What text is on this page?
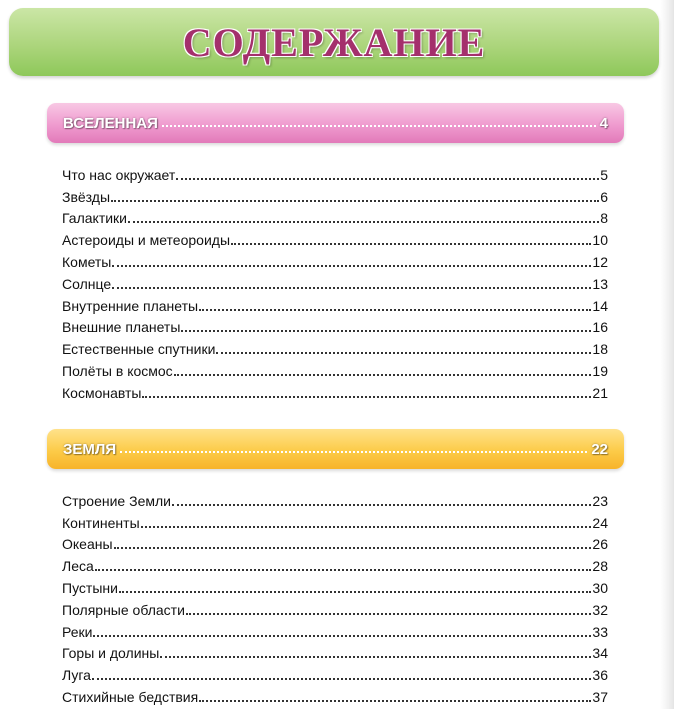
СОДЕРЖАНИЕ
ВСЕЛЕННАЯ	4
Что нас окружает	5
Звёзды	6
Галактики	8
Астероиды и метеороиды	10
Кометы	12
Солнце	13
Внутренние планеты	14
Внешние планеты	16
Естественные спутники	18
Полёты в космос	19
Космонавты	21
ЗЕМЛЯ	22
Строение Земли	23
Континенты	24
Океаны	26
Леса	28
Пустыни	30
Полярные области	32
Реки	33
Горы и долины	34
Луга	36
Стихийные бедствия	37
